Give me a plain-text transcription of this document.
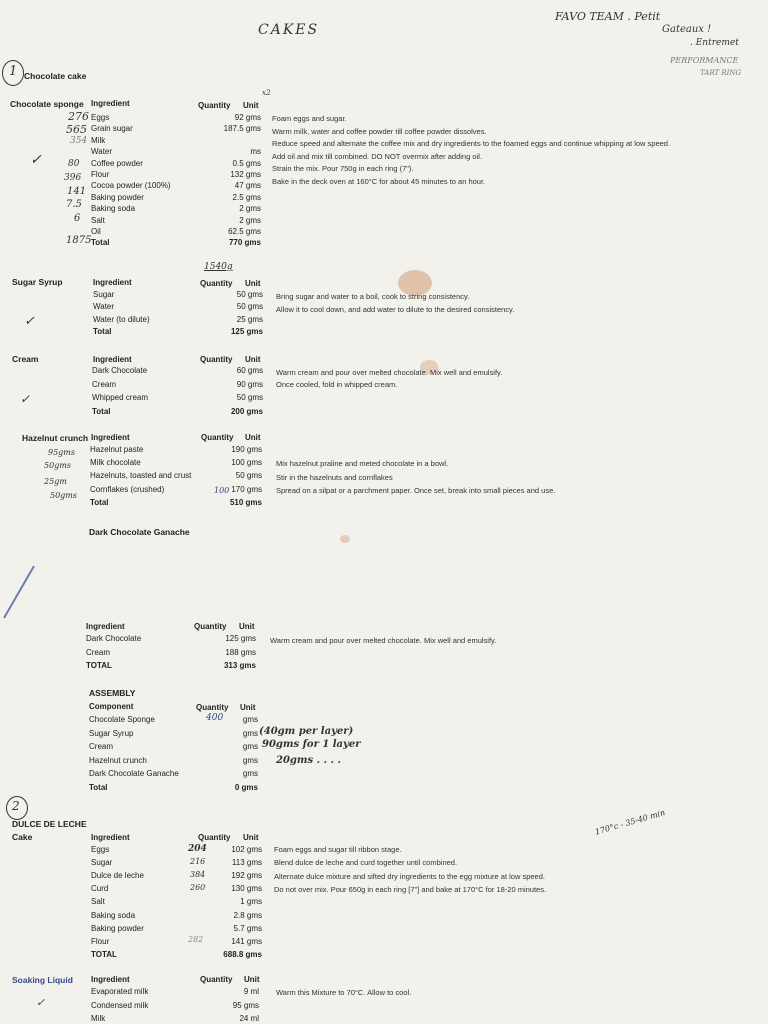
CAKES
FAVO TEAM . Petit
Gateaux !
. Entremet
PERFORMANCE
TART RING
1 Chocolate cake
Chocolate sponge Ingredient	Quantity Unit
x2
Eggs	92 gms
Grain sugar	187.5 gms
Milk
Water	ms
Coffee powder	0.5 gms
Flour	132 gms
Cocoa powder (100%)	47 gms
Baking powder	2.5 gms
Baking soda	2 gms
Salt	2 gms
Oil	62.5 gms
Total	770 gms
276
565
354
80
396
141
7.5
6
1875
1540g
✓
Foam eggs and sugar.
Warm milk, water and coffee powder till coffee powder dissolves.
Reduce speed and alternate the coffee mix and dry ingredients to the foamed eggs and continue whipping at low speed.
Add oil and mix till combined. DO NOT overmix after adding oil.
Strain the mix. Pour 750g in each ring (7").
Bake in the deck oven at 160°C for about 45 minutes to an hour.
Sugar Syrup	Ingredient	Quantity Unit
Sugar	50 gms
Water	50 gms
Water (to dilute)	25 gms
Total	125 gms
Bring sugar and water to a boil, cook to string consistency.
Allow it to cool down, and add water to dilute to the desired consistency.
✓
Cream	Ingredient	Quantity Unit
Dark Chocolate	60 gms
Cream	90 gms
Whipped cream	50 gms
Total	200 gms
Warm cream and pour over melted chocolate. Mix well and emulsify.
Once cooled, fold in whipped cream.
✓
Hazelnut crunch Ingredient	Quantity Unit
Hazelnut paste	190 gms
Milk chocolate	100 gms
Hazelnuts, toasted and crust	50 gms
Cornflakes (crushed)	170 gms
Total	510 gms
Mix hazelnut praline and meted chocolate in a bowl.
Stir in the hazelnuts and cornflakes
Spread on a silpat or a parchment paper. Once set, break into small pieces and use.
95gms
50gms
25gm
50gms
100
Dark Chocolate Ganache
Ingredient	Quantity Unit
Dark Chocolate	125 gms
Cream	188 gms
TOTAL	313 gms
Warm cream and pour over melted chocolate. Mix well and emulsify.
ASSEMBLY
Component	Quantity Unit
Chocolate Sponge	gms
Sugar Syrup	gms
Cream	gms
Hazelnut crunch	gms
Dark Chocolate Ganache	gms
Total	0 gms
400
(40gm per layer)
90gms for 1 layer
20gms . . . .
2
DULCE DE LECHE
Cake	Ingredient	Quantity Unit
Eggs	102 gms
Sugar	113 gms
Dulce de leche	192 gms
Curd	130 gms
Salt	1 gms
Baking soda	2.8 gms
Baking powder	5.7 gms
Flour	141 gms
TOTAL	688.8 gms
Foam eggs and sugar till ribbon stage.
Blend dulce de leche and curd together until combined.
Alternate dulce mixture and sifted dry ingredients to the egg mixture at low speed.
Do not over mix. Pour 650g in each ring [7"] and bake at 170°C for 18-20 minutes.
204
216
384
260
282
170°c - 35-40 min
Soaking Liquid Ingredient	Quantity Unit
Evaporated milk	9 ml
Condensed milk	95 gms
Milk	24 ml
Warm this Mixture to 70°C. Allow to cool.
✓
